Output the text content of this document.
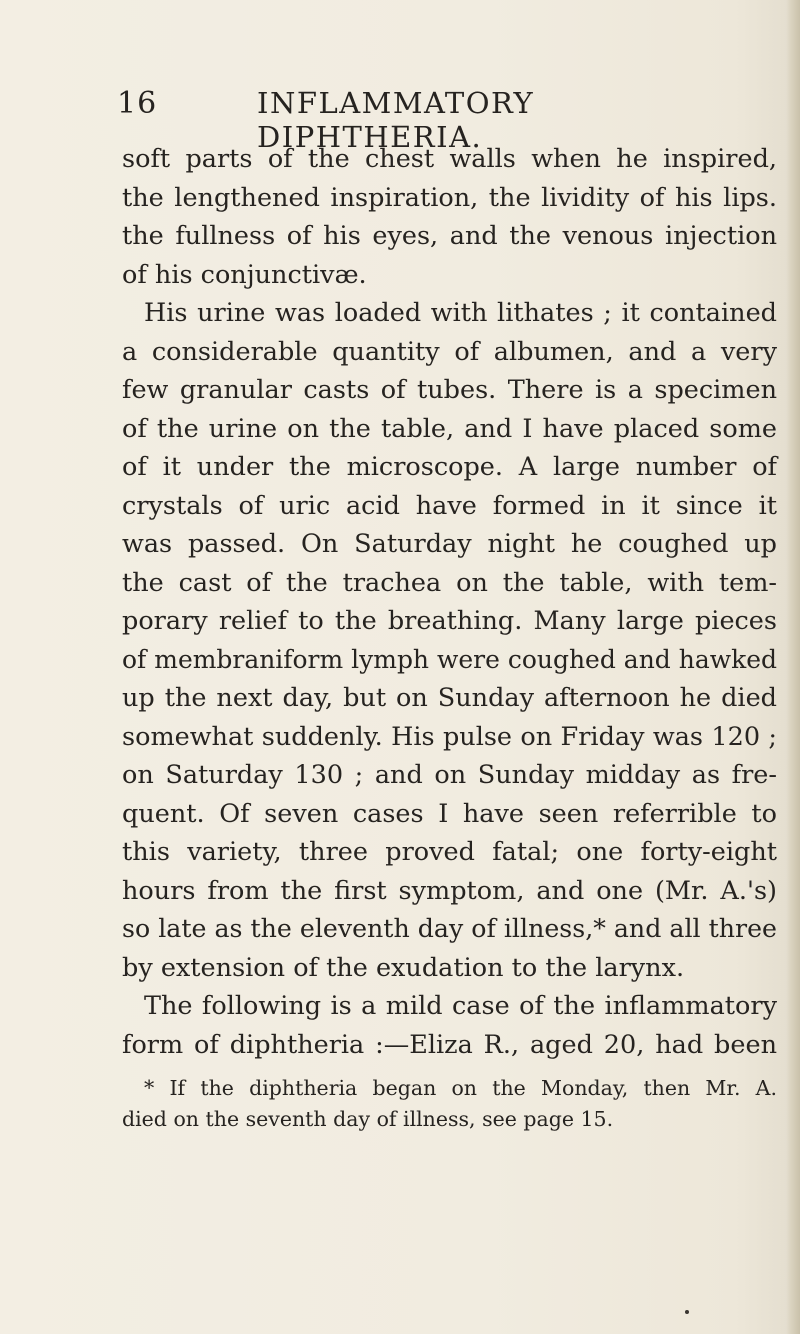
16	INFLAMMATORY DIPHTHERIA.
soft parts of the chest walls when he inspired,
the lengthened inspiration, the lividity of his lips.
the fullness of his eyes, and the venous injection
of his conjunctivæ.
His urine was loaded with lithates ; it contained
a considerable quantity of albumen, and a very
few granular casts of tubes. There is a specimen
of the urine on the table, and I have placed some
of it under the microscope. A large number of
crystals of uric acid have formed in it since it
was passed. On Saturday night he coughed up
the cast of the trachea on the table, with tem-
porary relief to the breathing. Many large pieces
of membraniform lymph were coughed and hawked
up the next day, but on Sunday afternoon he died
somewhat suddenly. His pulse on Friday was 120 ;
on Saturday 130 ; and on Sunday midday as fre-
quent. Of seven cases I have seen referrible to
this variety, three proved fatal; one forty-eight
hours from the first symptom, and one (Mr. A.'s)
so late as the eleventh day of illness,* and all three
by extension of the exudation to the larynx.
The following is a mild case of the inflammatory
form of diphtheria :—Eliza R., aged 20, had been
* If the diphtheria began on the Monday, then Mr. A.
died on the seventh day of illness, see page 15.
